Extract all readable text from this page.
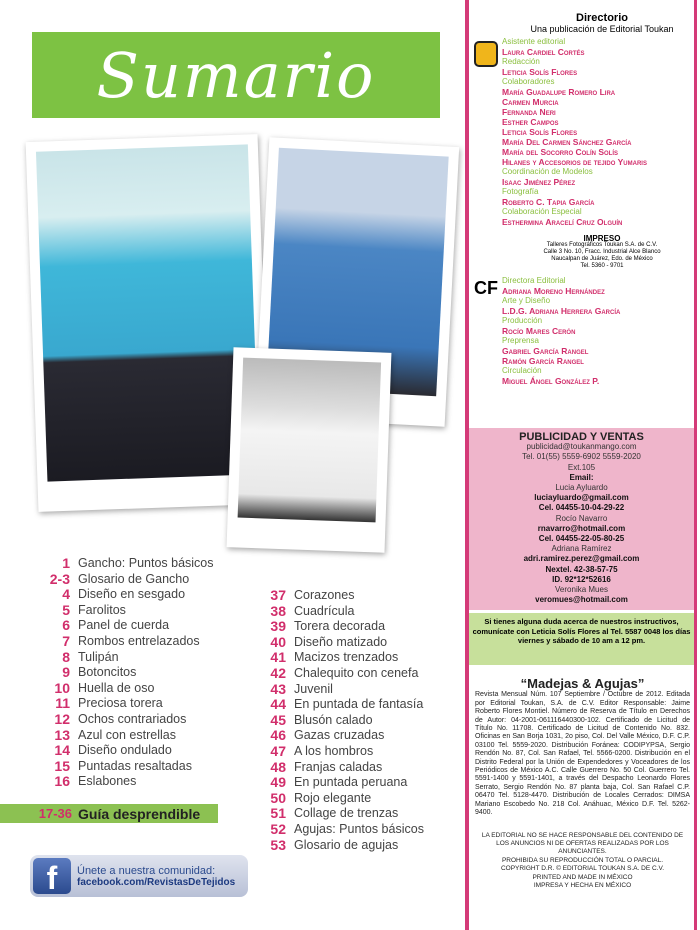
Sumario
1 Gancho: Puntos básicos
2-3 Glosario de Gancho
4 Diseño en sesgado
5 Farolitos
6 Panel de cuerda
7 Rombos entrelazados
8 Tulipán
9 Botoncitos
10 Huella de oso
11 Preciosa torera
12 Ochos contrariados
13 Azul con estrellas
14 Diseño ondulado
15 Puntadas resaltadas
16 Eslabones
17-36 Guía desprendible
37 Corazones
38 Cuadrícula
39 Torera decorada
40 Diseño matizado
41 Macizos trenzados
42 Chalequito con cenefa
43 Juvenil
44 En puntada de fantasía
45 Blusón calado
46 Gazas cruzadas
47 A los hombros
48 Franjas caladas
49 En puntada peruana
50 Rojo elegante
51 Collage de trenzas
52 Agujas: Puntos básicos
53 Glosario de agujas
f	Únete a nuestra comunidad:
facebook.com/RevistasDeTejidos
Directorio
Una publicación de Editorial Toukan
Asistente editorial
Laura Cardiel Cortés
Redacción
Leticia Solís Flores
Colaboradores
María Guadalupe Romero Lira
Carmen Murcia
Fernanda Neri
Esther Campos
Leticia Solís Flores
María Del Carmen Sánchez García
María del Socorro Colín Solís
Hilanes y Accesorios de tejido Yumaris
Coordinación de Modelos
Isaac Jiménez Pérez
Fotografía
Roberto C. Tapia García
Colaboración Especial
Esthermina Aracelí Cruz Olguín
IMPRESO
Talleres Fotográficos Toukan S.A. de C.V.
Calle 3 No. 10, Fracc. Industrial Alce Blanco
Naucalpan de Juárez, Edo. de México
Tel. 5360 - 9701
CF Directora Editorial
Adriana Moreno Hernández
Arte y Diseño
L.D.G. Adriana Herrera García
Producción
Rocío Mares Cerón
Preprensa
Gabriel García Rangel
Ramón García Rangel
Circulación
Miguel Ángel González P.
PUBLICIDAD Y VENTAS
publicidad@toukanmango.com
Tel. 01(55) 5559-6902 5559-2020
Ext.105
Email:
Lucia Ayluardo
luciayluardo@gmail.com
Cel. 04455-10-04-29-22
Rocío Navarro
rnavarro@hotmail.com
Cel. 04455-22-05-80-25
Adriana Ramírez
adri.ramirez.perez@gmail.com
Nextel. 42-38-57-75
ID. 92*12*52616
Veronika Mues
veromues@hotmail.com
Si tienes alguna duda acerca de nuestros instructivos, comunícate con Leticia Solís Flores al Tel. 5587 0048 los días viernes y sábado de 10 am a 12 pm.
“Madejas & Agujas”
Revista Mensual Núm. 107 Septiembre / Octubre de 2012. Editada por Editorial Toukan, S.A. de C.V. Editor Responsable: Jaime Roberto Flores Montiel. Número de Reserva de Título en Derechos de Autor: 04-2001-061116440300-102. Certificado de Licitud de Título No. 11708. Certificado de Licitud de Contenido No. 832. Oficinas en San Borja 1031, 2o piso, Col. Del Valle México, D.F. C.P. 03100 Tel. 5559-2020. Distribución Foránea: CODIPYPSA, Sergio Rendón No. 87, Col. San Rafael, Tel. 5566-0200. Distribución en el Distrito Federal por la Unión de Expendedores y Voceadores de los Periódicos de México A.C. Calle Guerrero No. 50 Col. Guerrero Tel. 5591-1400 y 5591-1401, a través del Despacho Leonardo Flores Serrato, Sergio Rendón No. 87 planta baja, Col. San Rafael C.P. 06470 Tel. 5128-4470. Distribución de Locales Cerrados: DIMSA Mariano Escobedo No. 218 Col. Anáhuac, México D.F. Tel. 5262-9400.
LA EDITORIAL NO SE HACE RESPONSABLE DEL CONTENIDO DE LOS ANUNCIOS NI DE OFERTAS REALIZADAS POR LOS ANUNCIANTES.
PROHIBIDA SU REPRODUCCIÓN TOTAL O PARCIAL.
COPYRIGHT D.R. © EDITORIAL TOUKAN S.A. DE C.V.
PRINTED AND MADE IN MÉXICO
IMPRESA Y HECHA EN MÉXICO
